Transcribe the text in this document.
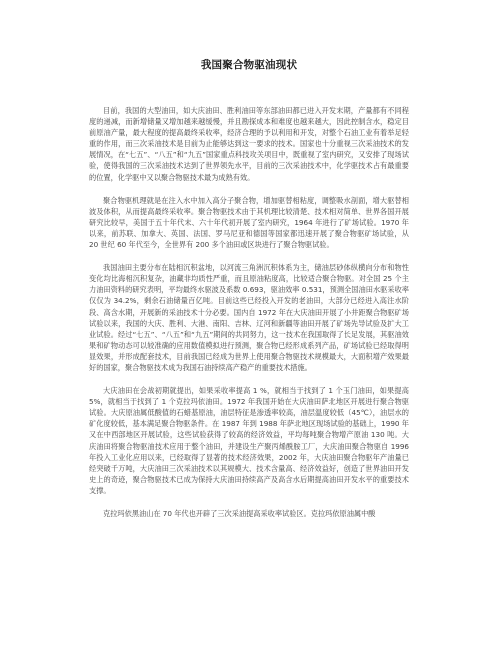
我国聚合物驱油现状

目前，我国的大型油田，如大庆油田、胜利油田等东部油田都已进入开发末期，产量都有不同程度的递减，而新增储量又增加越来越缓慢，并且勘探成本和难度也越来越大，因此控制含水，稳定目前原油产量，最大程度的提高最终采收率，经济合理的予以利用和开发，对整个石油工业有着举足轻重的作用，而三次采油技术是目前为止能够达到这一要求的技术。国家也十分重视三次采油技术的发展情况，在“七五”、“八五”和“九五”国家重点科技攻关项目中，既重视了室内研究，又安排了现场试验，使得我国的三次采油技术达到了世界领先水平，目前的三次采油技术中，化学驱技术占有最重要的位置，化学驱中又以聚合物驱技术最为成熟有效。

聚合物驱机理就是在注入水中加入高分子聚合物，增加驱替相粘度，调整吸水剖面，增大驱替相波及体积，从而提高最终采收率。聚合物驱技术由于其机理比较清楚、技术相对简单、世界各国开展研究比较早，美国于五十年代末、六十年代初开展了室内研究，1964 年进行了矿场试验。1970 年以来，前苏联、加拿大、英国、法国、罗马尼亚和德国等国家都迅速开展了聚合物驱矿场试验，从 20 世纪 60 年代至今，全世界有 200 多个油田或区块进行了聚合物驱试验。

我国油田主要分布在陆相沉积盆地，以河流三角洲沉积体系为主，储油层砂体纵横向分布和物性变化均比海相沉积复杂，油藏非均质性严重，而且原油粘度高，比较适合聚合物驱。对全国 25 个主力油田资料的研究表明，平均最终水驱波及系数 0.693，驱油效率 0.531，预测全国油田水驱采收率仅仅为 34.2%，剩余石油储量百亿吨。目前这些已经投入开发的老油田，大部分已经进入高注水阶段、高含水期，开展新的采油技术十分必要。国内自 1972 年在大庆油田开展了小井距聚合物驱矿场试验以来，我国的大庆、胜利、大港、南阳、吉林、辽河和新疆等油田开展了矿场先导试验及扩大工业试验。经过“七五”、“八五”和“九五”期间的共同努力，这一技术在我国取得了长足发展，其驱油效果和矿物动态可以较准确的应用数值模拟进行预测，聚合物已经形成系列产品，矿场试验已经取得明显效果，并形成配套技术，目前我国已经成为世界上使用聚合物驱技术规模最大，大面积增产效果最好的国家，聚合物驱技术成为我国石油持续高产稳产的重要技术措施。

大庆油田在会战初期就提出，如果采收率提高 1 %，就相当于找到了 1 个玉门油田，如果提高 5%，就相当于找到了 1 个克拉玛依油田。1972 年我国开始在大庆油田萨北地区开展进行聚合物驱试验。大庆原油属低酸值的石蜡基原油，油层特征是渗透率较高，油层温度较低（45℃），油层水的矿化度较低，基本满足聚合物驱条件。在 1987 年到 1988 年萨北地区现场试验的基础上，1990 年又在中西部地区开展试验，这些试验获得了较高的经济效益，平均每吨聚合物增产原油 130 吨。大庆油田将聚合物驱油技术应用于整个油田，并建设生产聚丙烯酰胺工厂，大庆油田聚合物驱自 1996 年投入工业化应用以来，已经取得了显著的技术经济效果，2002 年，大庆油田聚合物驱年产油量已经突破千万吨，大庆油田三次采油技术以其规模大、技术含量高、经济效益好，创造了世界油田开发史上的奇迹，聚合物驱技术已成为保持大庆油田持续高产及高含水后期提高油田开发水平的重要技术支撑。

克拉玛依黑油山在 70 年代也开辟了三次采油提高采收率试验区。克拉玛依原油属中酸
